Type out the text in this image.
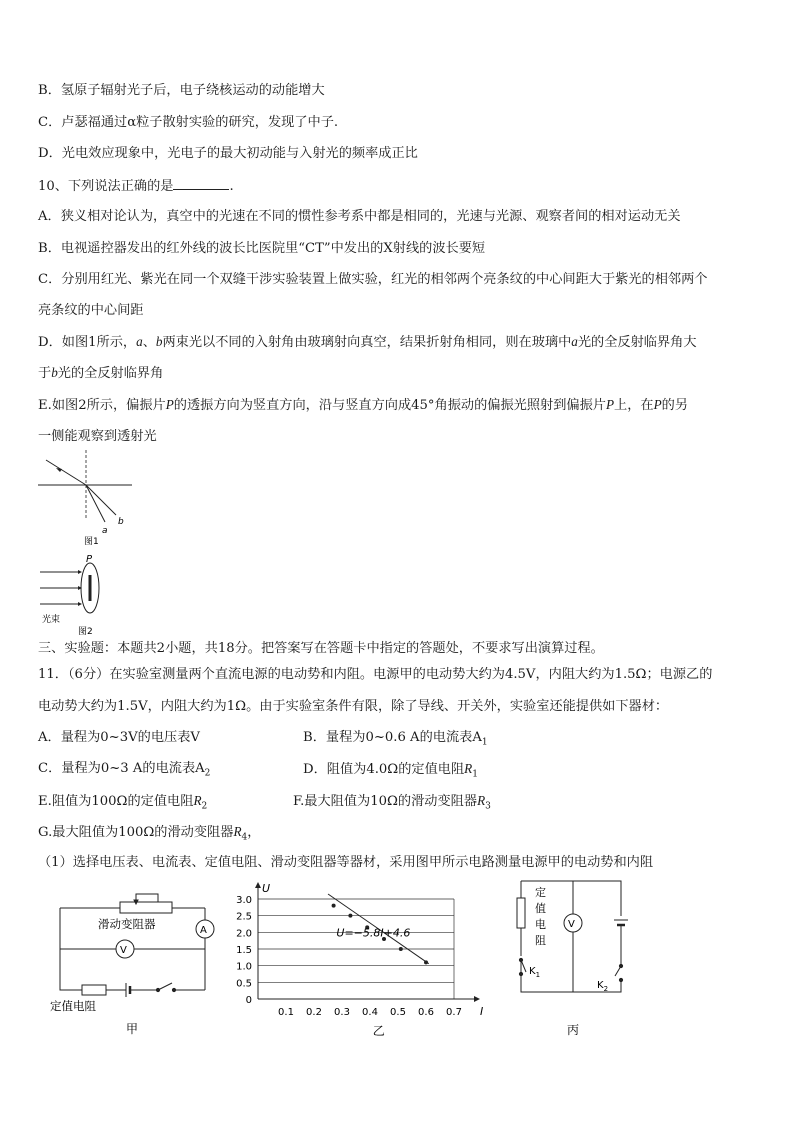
B．氢原子辐射光子后，电子绕核运动的动能增大
C．卢瑟福通过α粒子散射实验的研究，发现了中子.
D．光电效应现象中，光电子的最大初动能与入射光的频率成正比
10、下列说法正确的是	.
A．狭义相对论认为，真空中的光速在不同的惯性参考系中都是相同的，光速与光源、观察者间的相对运动无关
B．电视遥控器发出的红外线的波长比医院里“CT”中发出的X射线的波长要短
C．分别用红光、紫光在同一个双缝干涉实验装置上做实验，红光的相邻两个亮条纹的中心间距大于紫光的相邻两个
亮条纹的中心间距
D．如图1所示，a、b两束光以不同的入射角由玻璃射向真空，结果折射角相同，则在玻璃中a光的全反射临界角大
于b光的全反射临界角
E.如图2所示，偏振片P的透振方向为竖直方向，沿与竖直方向成45°角振动的偏振光照射到偏振片P上，在P的另
一侧能观察到透射光
b
a
图1
P
光束
图2
三、实验题：本题共2小题，共18分。把答案写在答题卡中指定的答题处，不要求写出演算过程。
11．（6分）在实验室测量两个直流电源的电动势和内阻。电源甲的电动势大约为4.5V，内阻大约为1.5Ω；电源乙的
电动势大约为1.5V，内阻大约为1Ω。由于实验室条件有限，除了导线、开关外，实验室还能提供如下器材：
A．量程为0~3V的电压表V	B．量程为0~0.6 A的电流表$A_1$
C．量程为0~3 A的电流表$A_2$	D．阻值为4.0Ω的定值电阻$R_1$
E.阻值为100Ω的定值电阻$R_2$	F.最大阻值为10Ω的滑动变阻器$R_3$
G.最大阻值为100Ω的滑动变阻器$R_4$，
（1）选择电压表、电流表、定值电阻、滑动变阻器等器材，采用图甲所示电路测量电源甲的电动势和内阻
滑动变阻器	A
V
定值电阻
甲
0
0.5
1.0
1.5
2.0
2.5
3.0
0.1 0.2 0.3 0.4 0.5 0.6 0.7
U
I
U=−5.8I+4.6
乙
定
值
电
阻
V
$K_1$
$K_2$
丙
